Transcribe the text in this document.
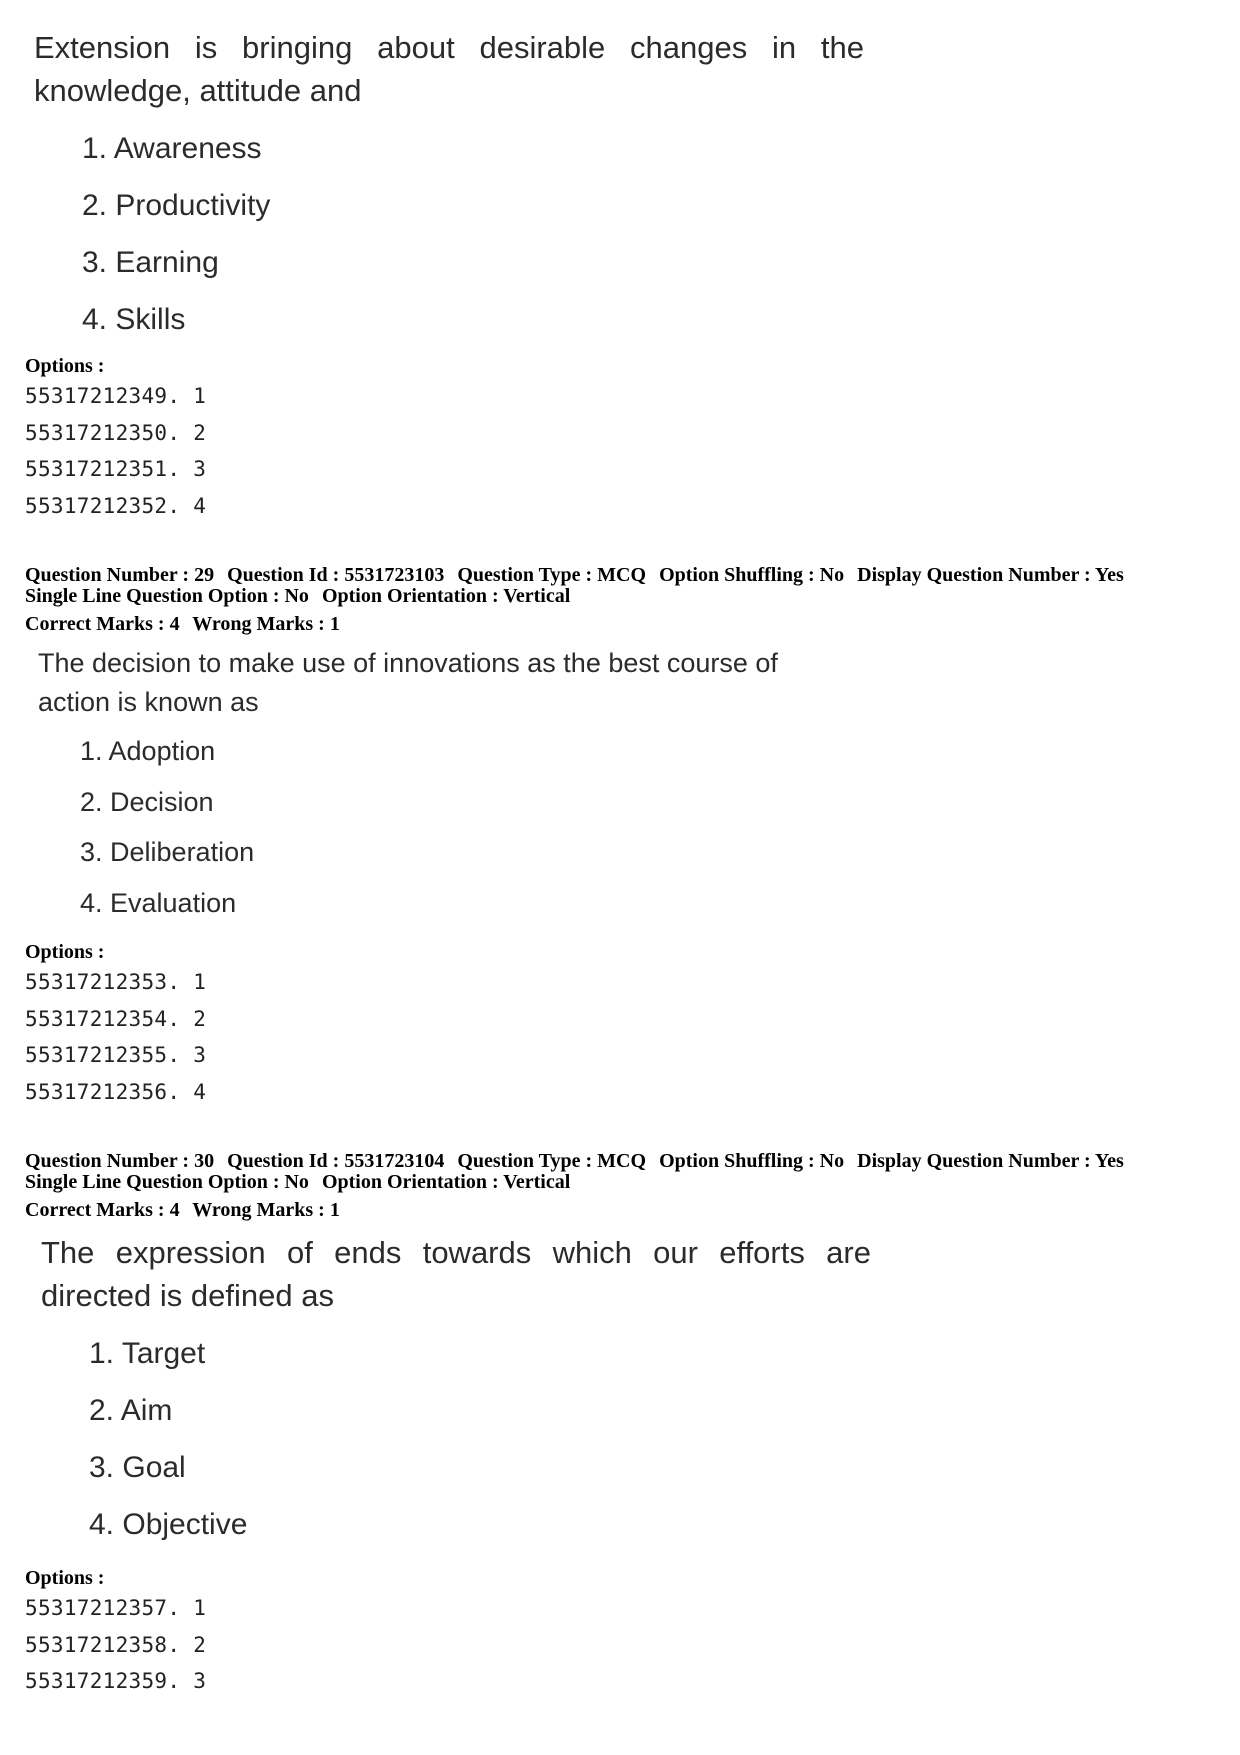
Extension is bringing about desirable changes in the knowledge, attitude and

1. Awareness
2. Productivity
3. Earning
4. Skills
Options :
55317212349. 1
55317212350. 2
55317212351. 3
55317212352. 4
Question Number : 29 Question Id : 5531723103 Question Type : MCQ Option Shuffling : No Display Question Number : Yes
Single Line Question Option : No Option Orientation : Vertical
Correct Marks : 4 Wrong Marks : 1

The decision to make use of innovations as the best course of action is known as

1. Adoption
2. Decision
3. Deliberation
4. Evaluation
Options :
55317212353. 1
55317212354. 2
55317212355. 3
55317212356. 4
Question Number : 30 Question Id : 5531723104 Question Type : MCQ Option Shuffling : No Display Question Number : Yes
Single Line Question Option : No Option Orientation : Vertical
Correct Marks : 4 Wrong Marks : 1

The expression of ends towards which our efforts are directed is defined as

1. Target
2. Aim
3. Goal
4. Objective
Options :
55317212357. 1
55317212358. 2
55317212359. 3
